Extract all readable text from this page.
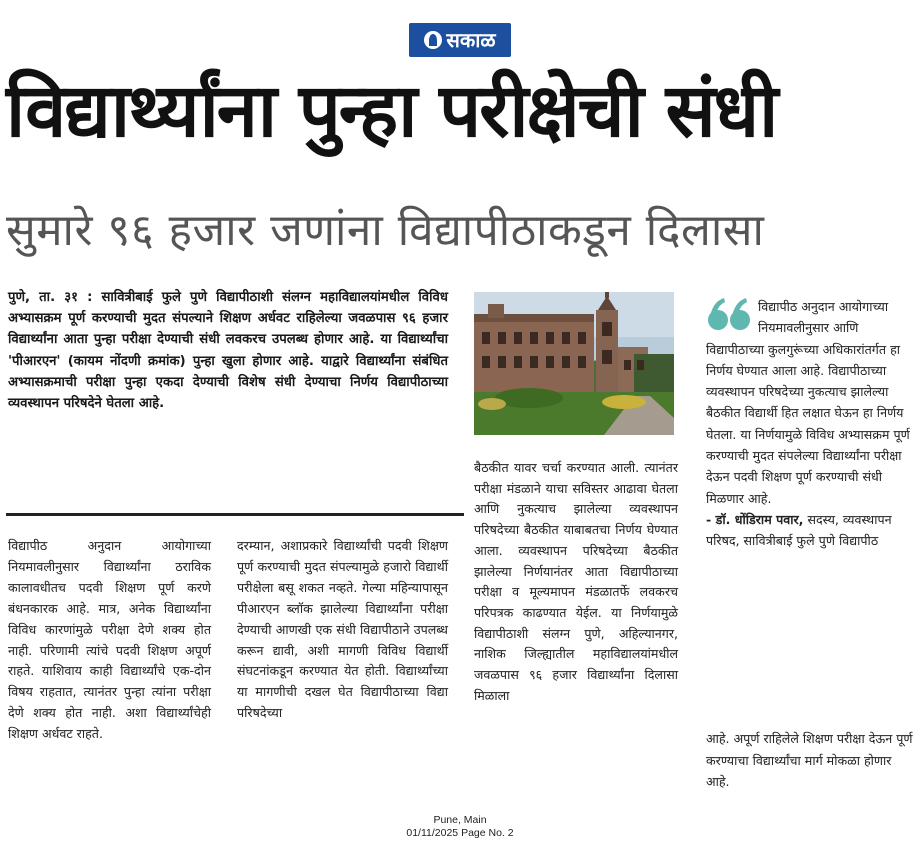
सकाळ
विद्यार्थ्यांना पुन्हा परीक्षेची संधी
सुमारे ९६ हजार जणांना विद्यापीठाकडून दिलासा

पुणे, ता. ३१ : सावित्रीबाई फुले पुणे विद्यापीठाशी संलग्न महाविद्यालयांमधील विविध अभ्यासक्रम पूर्ण करण्याची मुदत संपल्याने शिक्षण अर्धवट राहिलेल्या जवळपास ९६ हजार विद्यार्थ्यांना आता पुन्हा परीक्षा देण्याची संधी लवकरच उपलब्ध होणार आहे. या विद्यार्थ्यांचा 'पीआरएन' (कायम नोंदणी क्रमांक) पुन्हा खुला होणार आहे. याद्वारे विद्यार्थ्यांना संबंधित अभ्यासक्रमाची परीक्षा पुन्हा एकदा देण्याची विशेष संधी देण्याचा निर्णय विद्यापीठाच्या व्यवस्थापन परिषदेने घेतला आहे.

विद्यापीठ अनुदान आयोगाच्या नियमावलीनुसार विद्यार्थ्यांना ठराविक कालावधीतच पदवी शिक्षण पूर्ण करणे बंधनकारक आहे. मात्र, अनेक विद्यार्थ्यांना विविध कारणांमुळे परीक्षा देणे शक्य होत नाही. परिणामी त्यांचे पदवी शिक्षण अपूर्ण राहते. याशिवाय काही विद्यार्थ्यांचे एक-दोन विषय राहतात, त्यानंतर पुन्हा त्यांना परीक्षा देणे शक्य होत नाही. अशा विद्यार्थ्यांचेही शिक्षण अर्धवट राहते.

दरम्यान, अशाप्रकारे विद्यार्थ्यांची पदवी शिक्षण पूर्ण करण्याची मुदत संपल्यामुळे हजारो विद्यार्थी परीक्षेला बसू शकत नव्हते. गेल्या महिन्यापासून पीआरएन ब्लॉक झालेल्या विद्यार्थ्यांना परीक्षा देण्याची आणखी एक संधी विद्यापीठाने उपलब्ध करून द्यावी, अशी मागणी विविध विद्यार्थी संघटनांकडून करण्यात येत होती. विद्यार्थ्यांच्या या मागणीची दखल घेत विद्यापीठाच्या विद्या परिषदेच्या

बैठकीत यावर चर्चा करण्यात आली. त्यानंतर परीक्षा मंडळाने याचा सविस्तर आढावा घेतला आणि नुकत्याच झालेल्या व्यवस्थापन परिषदेच्या बैठकीत याबाबतचा निर्णय घेण्यात आला. व्यवस्थापन परिषदेच्या बैठकीत झालेल्या निर्णयानंतर आता विद्यापीठाच्या परीक्षा व मूल्यमापन मंडळातर्फे लवकरच परिपत्रक काढण्यात येईल. या निर्णयामुळे विद्यापीठाशी संलग्न पुणे, अहिल्यानगर, नाशिक जिल्ह्यातील महाविद्यालयांमधील जवळपास ९६ हजार विद्यार्थ्यांना दिलासा मिळाला

विद्यापीठ अनुदान आयोगाच्या नियमावलीनुसार आणि विद्यापीठाच्या कुलगुरूंच्या अधिकारांतर्गत हा निर्णय घेण्यात आला आहे. विद्यापीठाच्या व्यवस्थापन परिषदेच्या नुकत्याच झालेल्या बैठकीत विद्यार्थी हित लक्षात घेऊन हा निर्णय घेतला. या निर्णयामुळे विविध अभ्यासक्रम पूर्ण करण्याची मुदत संपलेल्या विद्यार्थ्यांना परीक्षा देऊन पदवी शिक्षण पूर्ण करण्याची संधी मिळणार आहे.

- डॉ. धोंडिराम पवार, सदस्य, व्यवस्थापन परिषद, सावित्रीबाई फुले पुणे विद्यापीठ

आहे. अपूर्ण राहिलेले शिक्षण परीक्षा देऊन पूर्ण करण्याचा विद्यार्थ्यांचा मार्ग मोकळा होणार आहे.

Pune, Main
01/11/2025 Page No. 2
